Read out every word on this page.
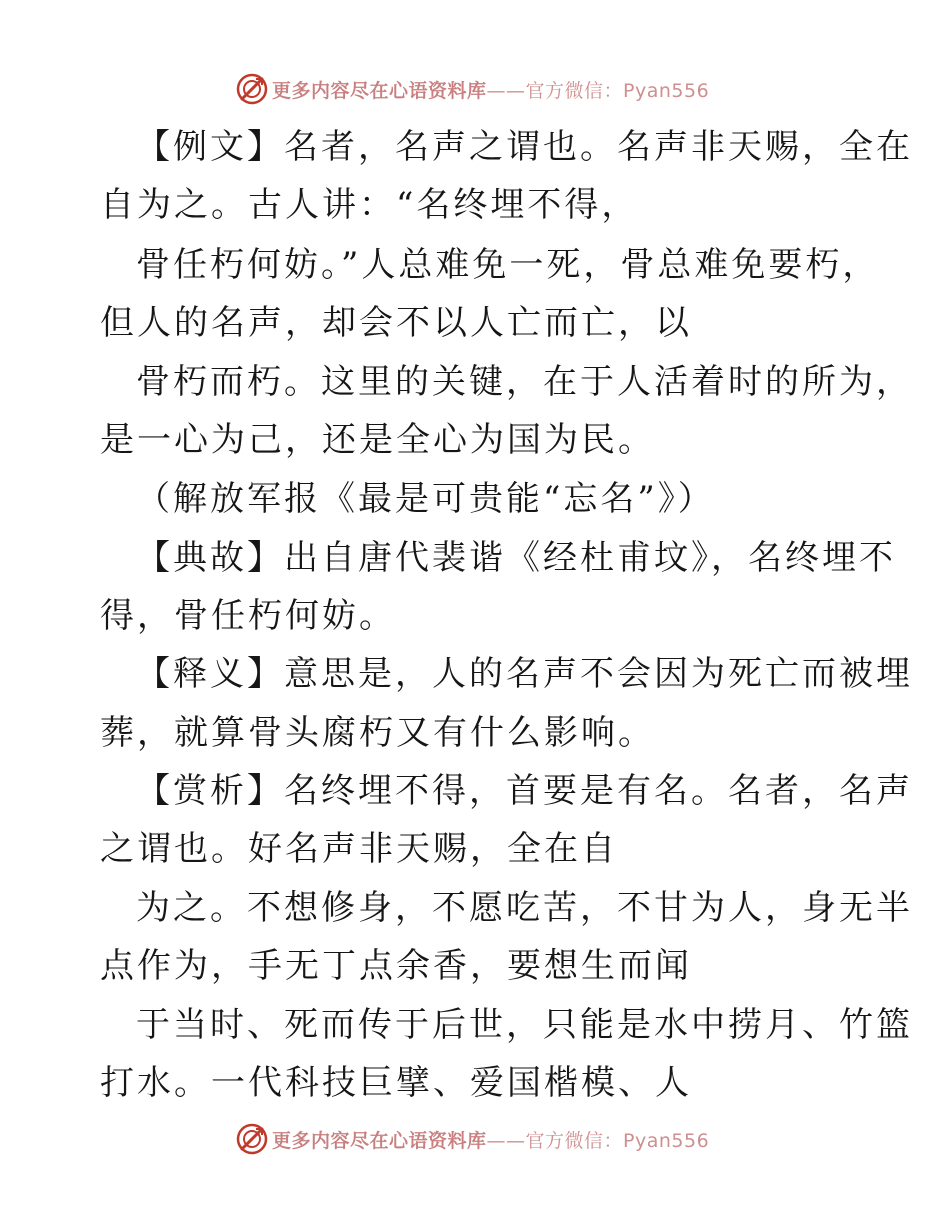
更多内容尽在心语资料库——官方微信：Pyan556
【例文】名者，名声之谓也。名声非天赐，全在
自为之。古人讲：“名终埋不得，
骨任朽何妨。”人总难免一死，骨总难免要朽，
但人的名声，却会不以人亡而亡，以
骨朽而朽。这里的关键，在于人活着时的所为，
是一心为己，还是全心为国为民。
（解放军报《最是可贵能“忘名”》）
【典故】出自唐代裴谐《经杜甫坟》，名终埋不
得，骨任朽何妨。
【释义】意思是，人的名声不会因为死亡而被埋
葬，就算骨头腐朽又有什么影响。
【赏析】名终埋不得，首要是有名。名者，名声
之谓也。好名声非天赐，全在自
为之。不想修身，不愿吃苦，不甘为人，身无半
点作为，手无丁点余香，要想生而闻
于当时、死而传于后世，只能是水中捞月、竹篮
打水。一代科技巨擘、爱国楷模、人
更多内容尽在心语资料库——官方微信：Pyan556
